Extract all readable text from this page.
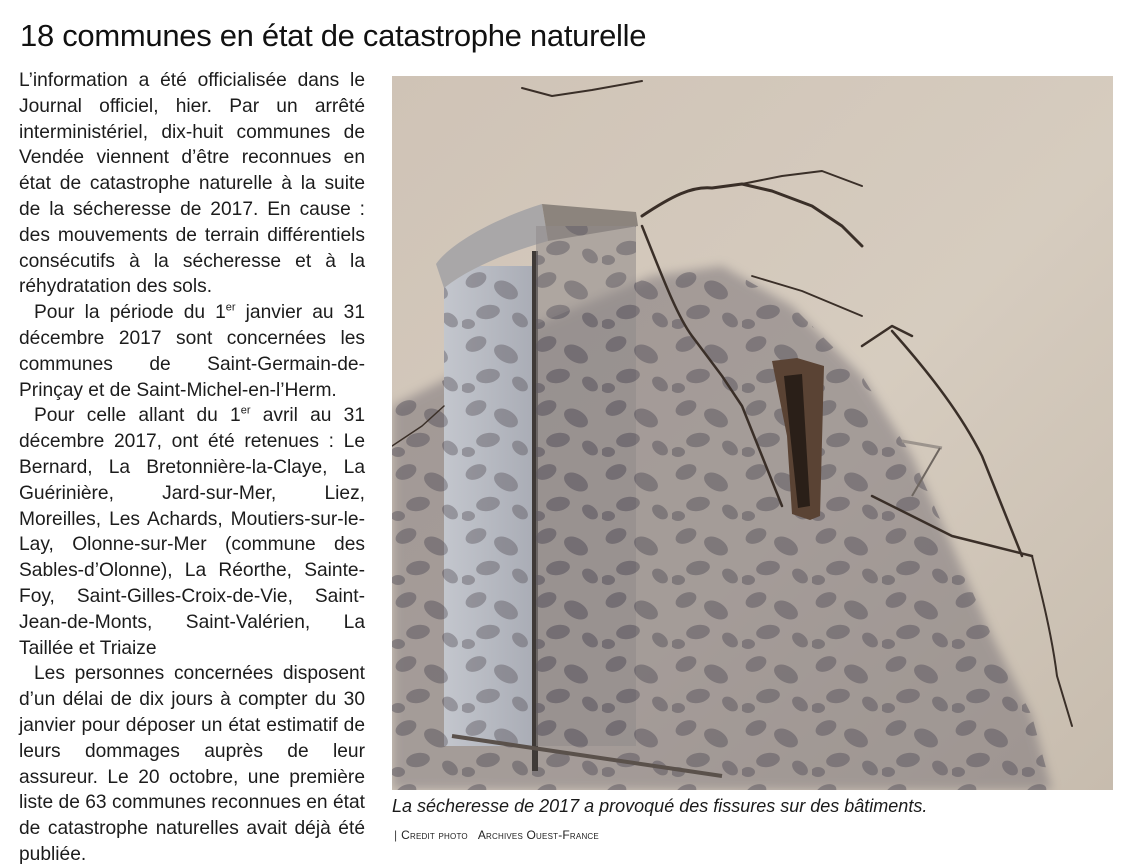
18 communes en état de catastrophe naturelle

L’information a été officialisée dans le Journal officiel, hier. Par un arrêté interministériel, dix-huit communes de Vendée viennent d’être reconnues en état de catastrophe naturelle à la suite de la sécheresse de 2017. En cause : des mouvements de terrain différentiels consécutifs à la sécheresse et à la réhydratation des sols.

Pour la période du 1er janvier au 31 décembre 2017 sont concernées les communes de Saint-Germain-de-Prinçay et de Saint-Michel-en-l’Herm.

Pour celle allant du 1er avril au 31 décembre 2017, ont été retenues : Le Bernard, La Bretonnière-la-Claye, La Guérinière, Jard-sur-Mer, Liez, Moreilles, Les Achards, Moutiers-sur-le-Lay, Olonne-sur-Mer (commune des Sables-d’Olonne), La Réorthe, Sainte-Foy, Saint-Gilles-Croix-de-Vie, Saint-Jean-de-Monts, Saint-Valérien, La Taillée et Triaize

Les personnes concernées disposent d’un délai de dix jours à compter du 30 janvier pour déposer un état estimatif de leurs dommages auprès de leur assureur. Le 20 octobre, une première liste de 63 communes reconnues en état de catastrophe naturelles avait déjà été publiée.

La sécheresse de 2017 a provoqué des fissures sur des bâtiments.

| Credit photo Archives Ouest-France
